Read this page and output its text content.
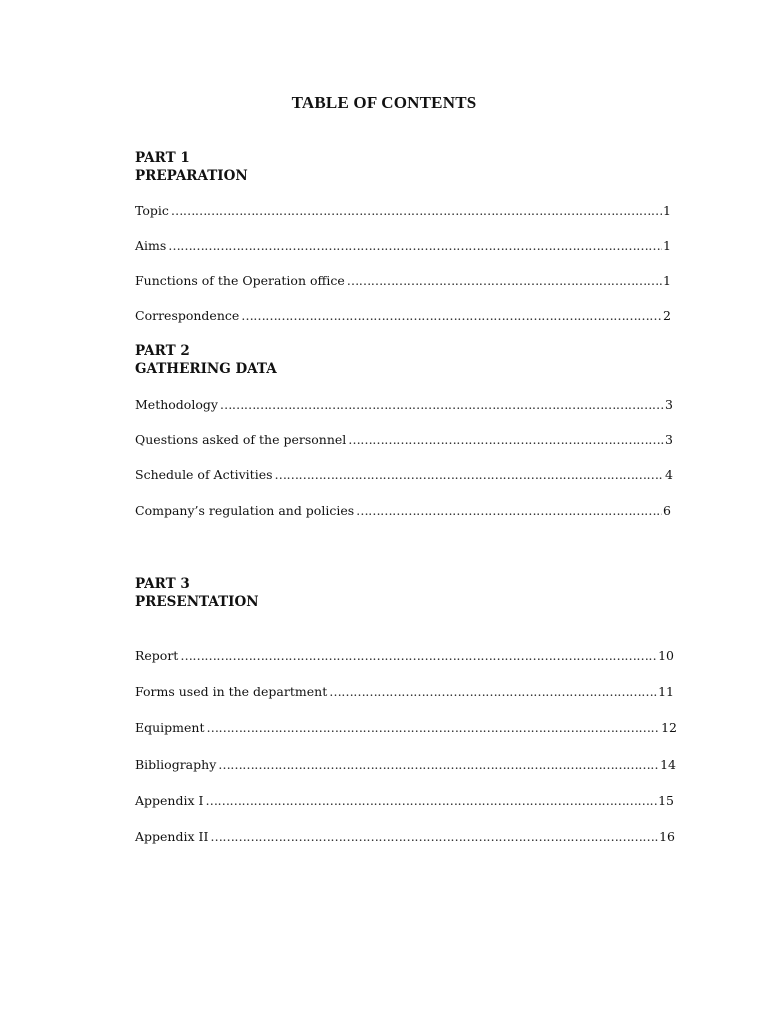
TABLE OF CONTENTS
PART 1
PREPARATION
Topic …………………………………………………………………………………………………………………………………………………………………………………………………………………………	1
Aims …………………………………………………………………………………………………………………………………………………………………………………………………………………………	1
Functions of the Operation office …………………………………………………………………………………………………………………………………………………………………………………………………………………………	1
Correspondence …………………………………………………………………………………………………………………………………………………………………………………………………………………………	2
PART 2
GATHERING DATA
Methodology …………………………………………………………………………………………………………………………………………………………………………………………………………………………	3
Questions asked of the personnel …………………………………………………………………………………………………………………………………………………………………………………………………………………………	3
Schedule of Activities …………………………………………………………………………………………………………………………………………………………………………………………………………………………	4
Company’s regulation and policies …………………………………………………………………………………………………………………………………………………………………………………………………………………………	6
PART 3
PRESENTATION
Report …………………………………………………………………………………………………………………………………………………………………………………………………………………………	10
Forms used in the department …………………………………………………………………………………………………………………………………………………………………………………………………………………………	11
Equipment …………………………………………………………………………………………………………………………………………………………………………………………………………………………	12
Bibliography …………………………………………………………………………………………………………………………………………………………………………………………………………………………	14
Appendix I …………………………………………………………………………………………………………………………………………………………………………………………………………………………	15
Appendix II …………………………………………………………………………………………………………………………………………………………………………………………………………………………	16
